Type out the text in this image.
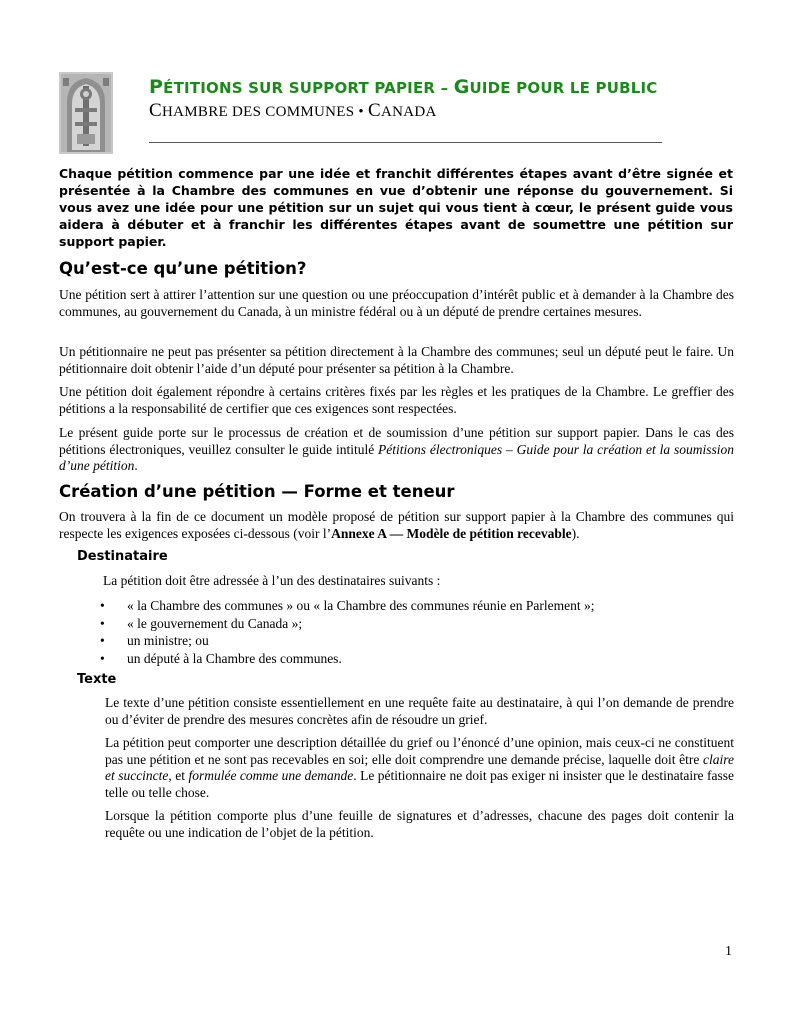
PÉTITIONS SUR SUPPORT PAPIER – GUIDE POUR LE PUBLIC
CHAMBRE DES COMMUNES • CANADA
Chaque pétition commence par une idée et franchit différentes étapes avant d’être signée et présentée à la Chambre des communes en vue d’obtenir une réponse du gouvernement. Si vous avez une idée pour une pétition sur un sujet qui vous tient à cœur, le présent guide vous aidera à débuter et à franchir les différentes étapes avant de soumettre une pétition sur support papier.
Qu’est-ce qu’une pétition?
Une pétition sert à attirer l’attention sur une question ou une préoccupation d’intérêt public et à demander à la Chambre des communes, au gouvernement du Canada, à un ministre fédéral ou à un député de prendre certaines mesures.
Un pétitionnaire ne peut pas présenter sa pétition directement à la Chambre des communes; seul un député peut le faire. Un pétitionnaire doit obtenir l’aide d’un député pour présenter sa pétition à la Chambre.
Une pétition doit également répondre à certains critères fixés par les règles et les pratiques de la Chambre. Le greffier des pétitions a la responsabilité de certifier que ces exigences sont respectées.
Le présent guide porte sur le processus de création et de soumission d’une pétition sur support papier. Dans le cas des pétitions électroniques, veuillez consulter le guide intitulé Pétitions électroniques – Guide pour la création et la soumission d’une pétition.
Création d’une pétition — Forme et teneur
On trouvera à la fin de ce document un modèle proposé de pétition sur support papier à la Chambre des communes qui respecte les exigences exposées ci-dessous (voir l’Annexe A — Modèle de pétition recevable).
Destinataire
La pétition doit être adressée à l’un des destinataires suivants :
• « la Chambre des communes » ou « la Chambre des communes réunie en Parlement »;
• « le gouvernement du Canada »;
• un ministre; ou
• un député à la Chambre des communes.
Texte
Le texte d’une pétition consiste essentiellement en une requête faite au destinataire, à qui l’on demande de prendre ou d’éviter de prendre des mesures concrètes afin de résoudre un grief.
La pétition peut comporter une description détaillée du grief ou l’énoncé d’une opinion, mais ceux-ci ne constituent pas une pétition et ne sont pas recevables en soi; elle doit comprendre une demande précise, laquelle doit être claire et succincte, et formulée comme une demande. Le pétitionnaire ne doit pas exiger ni insister que le destinataire fasse telle ou telle chose.
Lorsque la pétition comporte plus d’une feuille de signatures et d’adresses, chacune des pages doit contenir la requête ou une indication de l’objet de la pétition.
1
